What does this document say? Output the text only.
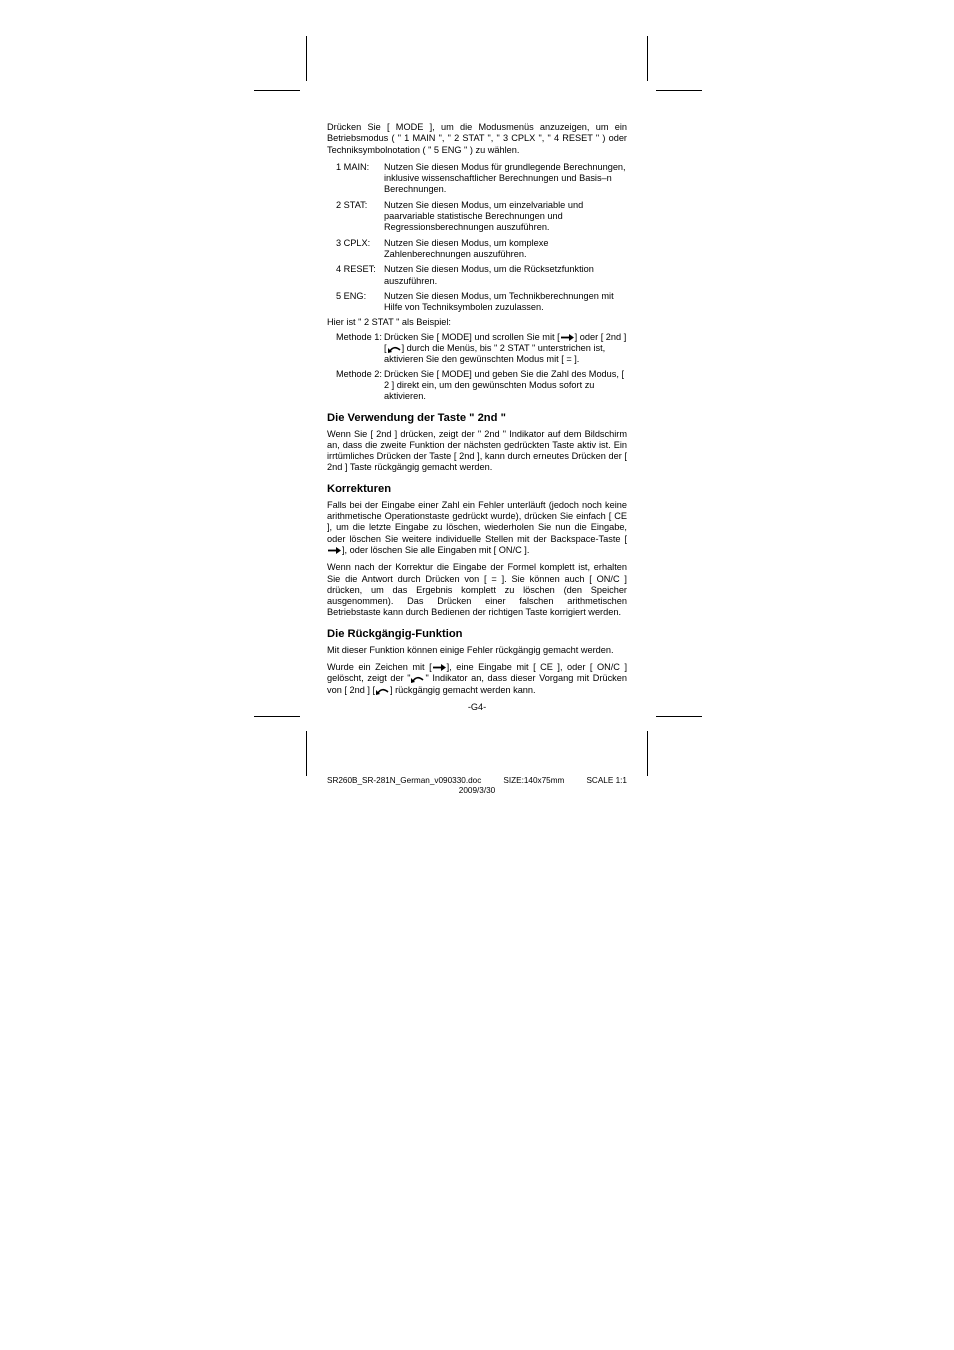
Drücken Sie [ MODE ], um die Modusmenüs anzuzeigen, um ein Betriebsmodus ( " 1 MAIN ", " 2 STAT ", " 3 CPLX ", " 4 RESET " ) oder Techniksymbolnotation ( " 5 ENG " ) zu wählen.

1 MAIN:	Nutzen Sie diesen Modus für grundlegende Berechnungen, inklusive wissenschaftlicher Berechnungen und Basis–n Berechnungen.
2 STAT:	Nutzen Sie diesen Modus, um einzelvariable und paarvariable statistische Berechnungen und Regressionsberechnungen auszuführen.
3 CPLX:	Nutzen Sie diesen Modus, um komplexe Zahlenberechnungen auszuführen.
4 RESET: Nutzen Sie diesen Modus, um die Rücksetzfunktion auszuführen.
5 ENG:	Nutzen Sie diesen Modus, um Technikberechnungen mit Hilfe von Techniksymbolen zuzulassen.

Hier ist " 2 STAT " als Beispiel:

Methode 1: Drücken Sie [ MODE] und scrollen Sie mit [ ] oder [ 2nd ] [ ] durch die Menüs, bis " 2 STAT " unterstrichen ist, aktivieren Sie den gewünschten Modus mit [ = ].
Methode 2: Drücken Sie [ MODE] und geben Sie die Zahl des Modus, [ 2 ] direkt ein, um den gewünschten Modus sofort zu aktivieren.
Die Verwendung der Taste " 2nd "

Wenn Sie [ 2nd ] drücken, zeigt der " 2nd " Indikator auf dem Bildschirm an, dass die zweite Funktion der nächsten gedrückten Taste aktiv ist. Ein irrtümliches Drücken der Taste [ 2nd ], kann durch erneutes Drücken der [ 2nd ] Taste rückgängig gemacht werden.

Korrekturen

Falls bei der Eingabe einer Zahl ein Fehler unterläuft (jedoch noch keine arithmetische Operationstaste gedrückt wurde), drücken Sie einfach [ CE ], um die letzte Eingabe zu löschen, wiederholen Sie nun die Eingabe, oder löschen Sie weitere individuelle Stellen mit der Backspace-Taste [], oder löschen Sie alle Eingaben mit [ ON/C ].

Wenn nach der Korrektur die Eingabe der Formel komplett ist, erhalten Sie die Antwort durch Drücken von [ = ]. Sie können auch [ ON/C ] drücken, um das Ergebnis komplett zu löschen (den Speicher ausgenommen). Das Drücken einer falschen arithmetischen Betriebstaste kann durch Bedienen der richtigen Taste korrigiert werden.

Die Rückgängig-Funktion

Mit dieser Funktion können einige Fehler rückgängig gemacht werden.

Wurde ein Zeichen mit [ ], eine Eingabe mit [ CE ], oder [ ON/C ] gelöscht, zeigt der " " Indikator an, dass dieser Vorgang mit Drücken von [ 2nd ] [ ] rückgängig gemacht werden kann.

-G4-
SR260B_SR-281N_German_v090330.doc	SIZE:140x75mm	SCALE 1:1
2009/3/30
